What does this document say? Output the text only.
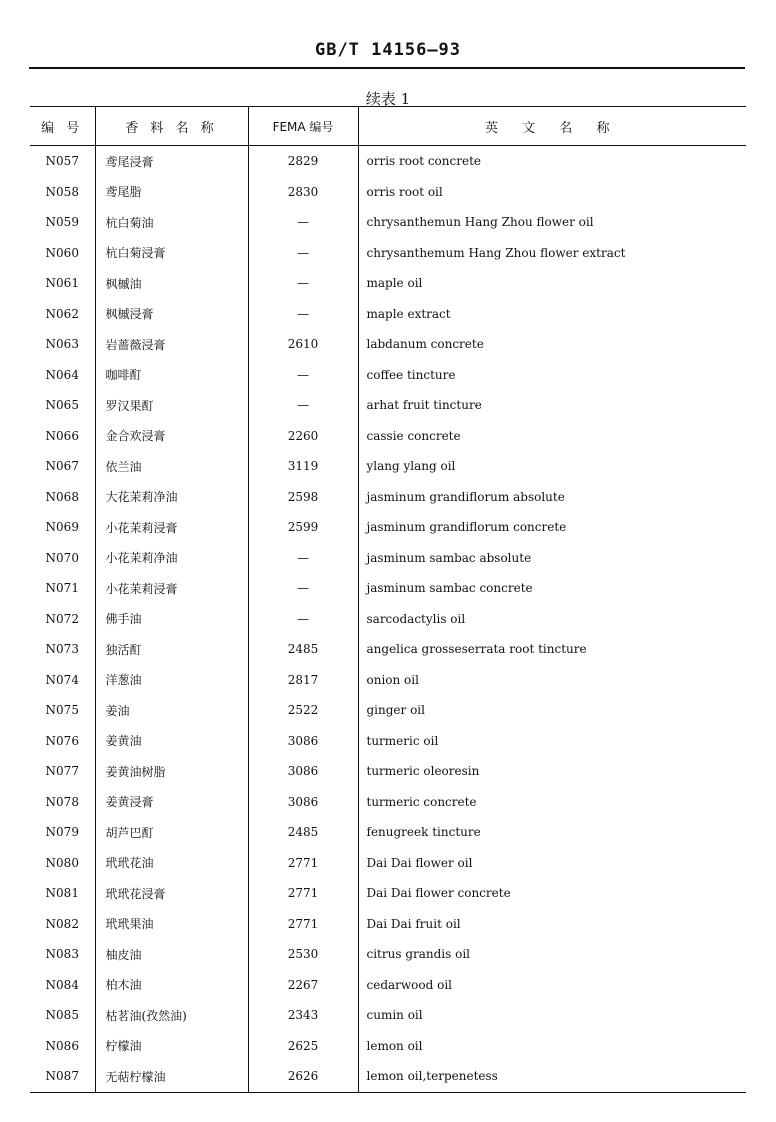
GB/T 14156—93
续表 1
编 号	香 料 名 称	FEMA 编号	英 文 名 称
N057	鸢尾浸膏	2829	orris root concrete
N058	鸢尾脂	2830	orris root oil
N059	杭白菊油	—	chrysanthemun Hang Zhou flower oil
N060	杭白菊浸膏	—	chrysanthemum Hang Zhou flower extract
N061	枫槭油	—	maple oil
N062	枫槭浸膏	—	maple extract
N063	岩蔷薇浸膏	2610	labdanum concrete
N064	咖啡酊	—	coffee tincture
N065	罗汉果酊	—	arhat fruit tincture
N066	金合欢浸膏	2260	cassie concrete
N067	依兰油	3119	ylang ylang oil
N068	大花茉莉净油	2598	jasminum grandiflorum absolute
N069	小花茉莉浸膏	2599	jasminum grandiflorum concrete
N070	小花茉莉净油	—	jasminum sambac absolute
N071	小花茉莉浸膏	—	jasminum sambac concrete
N072	佛手油	—	sarcodactylis oil
N073	独活酊	2485	angelica grosseserrata root tincture
N074	洋葱油	2817	onion oil
N075	姜油	2522	ginger oil
N076	姜黄油	3086	turmeric oil
N077	姜黄油树脂	3086	turmeric oleoresin
N078	姜黄浸膏	3086	turmeric concrete
N079	胡芦巴酊	2485	fenugreek tincture
N080	玳玳花油	2771	Dai Dai flower oil
N081	玳玳花浸膏	2771	Dai Dai flower concrete
N082	玳玳果油	2771	Dai Dai fruit oil
N083	柚皮油	2530	citrus grandis oil
N084	柏木油	2267	cedarwood oil
N085	枯茗油(孜然油)	2343	cumin oil
N086	柠檬油	2625	lemon oil
N087	无萜柠檬油	2626	lemon oil,terpenetess
